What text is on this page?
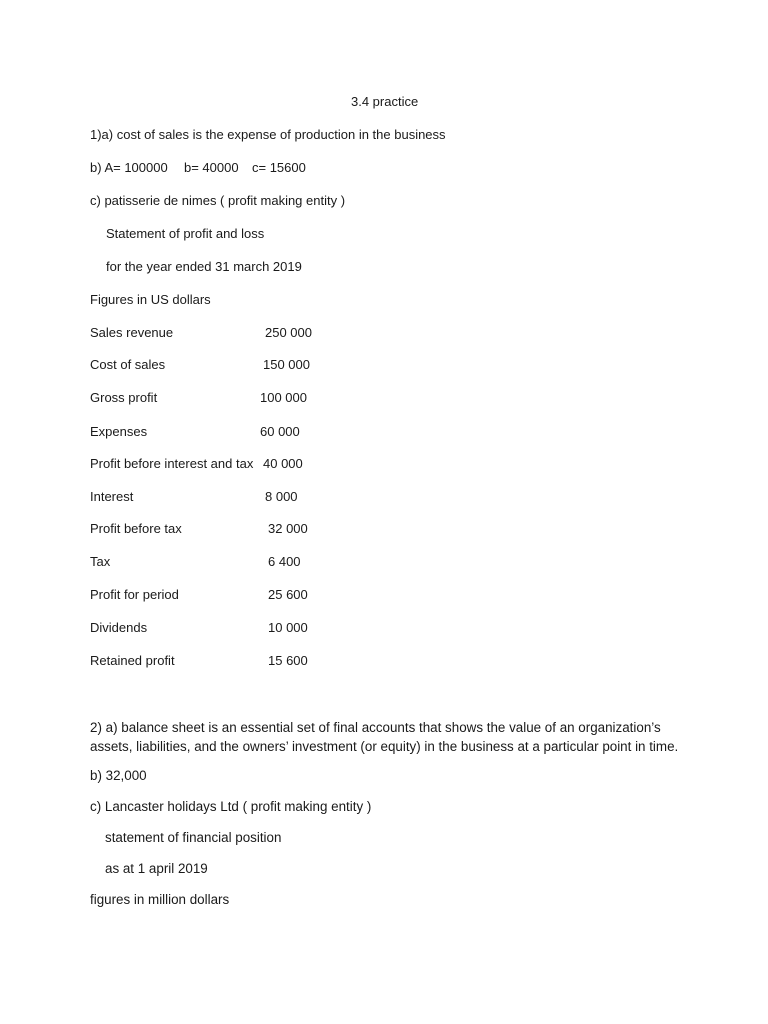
3.4 practice
1)a) cost of sales is the expense of production in the business
b) A= 100000 b= 40000 c= 15600
c) patisserie de nimes ( profit making entity )
Statement of profit and loss
for the year ended 31 march 2019
Figures in US dollars
Sales revenue	250 000
Cost of sales	150 000
Gross profit	100 000
Expenses	60 000
Profit before interest and tax 40 000
Interest	8 000
Profit before tax	32 000
Tax	6 400
Profit for period	25 600
Dividends	10 000
Retained profit	15 600
2) a) balance sheet is an essential set of final accounts that shows the value of an organization’s assets, liabilities, and the owners’ investment (or equity) in the business at a particular point in time.
b) 32,000
c) Lancaster holidays Ltd ( profit making entity )
statement of financial position
as at 1 april 2019
figures in million dollars
